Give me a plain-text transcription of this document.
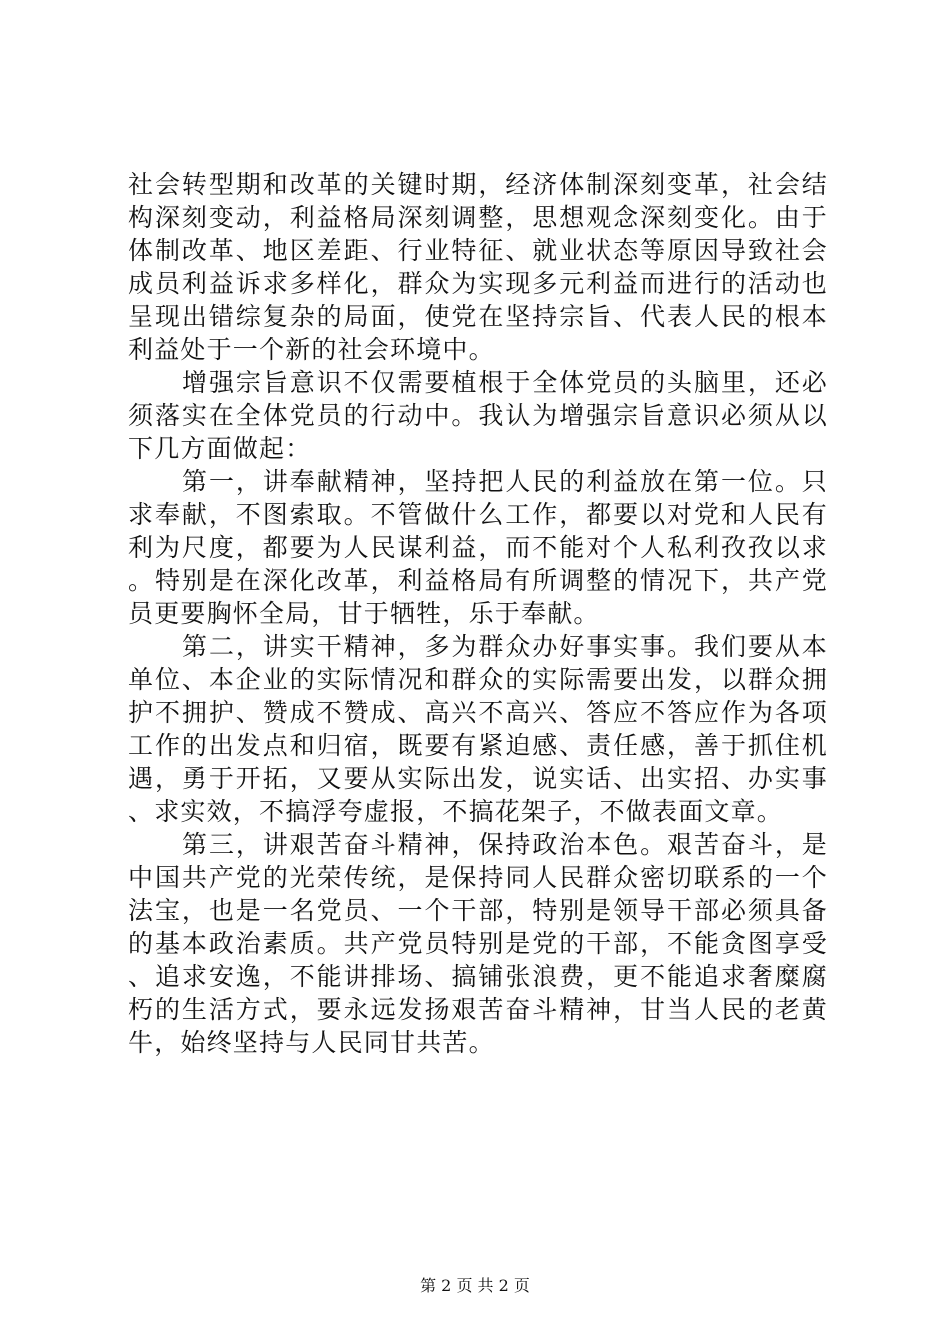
社会转型期和改革的关键时期，经济体制深刻变革，社会结构深刻变动，利益格局深刻调整，思想观念深刻变化。由于体制改革、地区差距、行业特征、就业状态等原因导致社会成员利益诉求多样化，群众为实现多元利益而进行的活动也呈现出错综复杂的局面，使党在坚持宗旨、代表人民的根本利益处于一个新的社会环境中。

增强宗旨意识不仅需要植根于全体党员的头脑里，还必须落实在全体党员的行动中。我认为增强宗旨意识必须从以下几方面做起：

第一，讲奉献精神，坚持把人民的利益放在第一位。只求奉献，不图索取。不管做什么工作，都要以对党和人民有利为尺度，都要为人民谋利益，而不能对个人私利孜孜以求。特别是在深化改革，利益格局有所调整的情况下，共产党员更要胸怀全局，甘于牺牲，乐于奉献。

第二，讲实干精神，多为群众办好事实事。我们要从本单位、本企业的实际情况和群众的实际需要出发，以群众拥护不拥护、赞成不赞成、高兴不高兴、答应不答应作为各项工作的出发点和归宿，既要有紧迫感、责任感，善于抓住机遇，勇于开拓，又要从实际出发，说实话、出实招、办实事、求实效，不搞浮夸虚报，不搞花架子，不做表面文章。

第三，讲艰苦奋斗精神，保持政治本色。艰苦奋斗，是中国共产党的光荣传统，是保持同人民群众密切联系的一个法宝，也是一名党员、一个干部，特别是领导干部必须具备的基本政治素质。共产党员特别是党的干部，不能贪图享受、追求安逸，不能讲排场、搞铺张浪费，更不能追求奢糜腐朽的生活方式，要永远发扬艰苦奋斗精神，甘当人民的老黄牛，始终坚持与人民同甘共苦。

第 2 页 共 2 页
